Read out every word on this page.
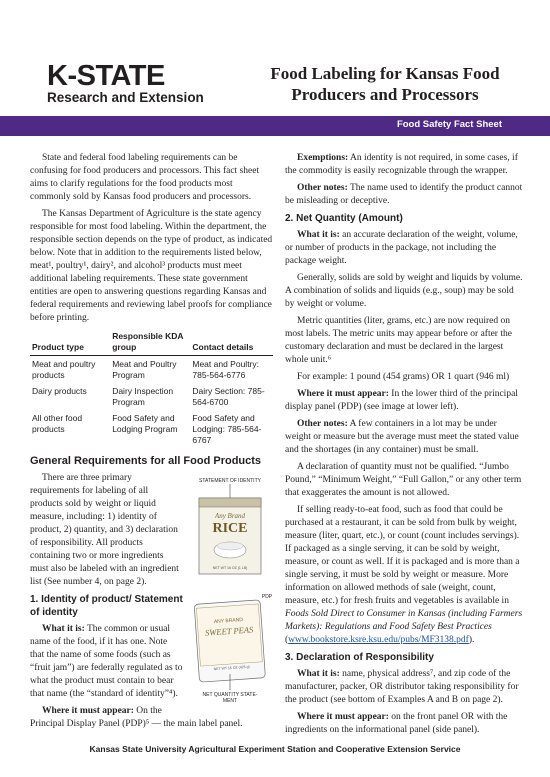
K-STATE
Research and Extension
Food Labeling for Kansas Food Producers and Processors
Food Safety Fact Sheet

State and federal food labeling requirements can be confusing for food producers and processors. This fact sheet aims to clarify regulations for the food products most commonly sold by Kansas food producers and processors.

The Kansas Department of Agriculture is the state agency responsible for most food labeling. Within the department, the responsible section depends on the type of product, as indicated below. Note that in addition to the requirements listed below, meat¹, poultry¹, dairy², and alcohol³ products must meet additional labeling requirements. These state government entities are open to answering questions regarding Kansas and federal requirements and reviewing label proofs for compliance before printing.

Product type	Responsible KDA group	Contact details
Meat and poultry products	Meat and Poultry Program	Meat and Poultry: 785-564-6776
Dairy products	Dairy Inspection Program	Dairy Section: 785-564-6700
All other food products	Food Safety and Lodging Program	Food Safety and Lodging: 785-564-6767
General Requirements for all Food Products
STATEMENT OF IDENTITY
Any Brand
RICE
NET WT 16 OZ (1 LB)
ANY BRAND
SWEET PEAS
NET WT 15 OZ (425 g)
PDP
NET QUANTITY STATE-MENT

There are three primary requirements for labeling of all products sold by weight or liquid measure, including: 1) identity of product, 2) quantity, and 3) declaration of responsibility. All products containing two or more ingredients must also be labeled with an ingredient list (See number 4, on page 2).

1. Identity of product/ Statement of identity

What it is: The common or usual name of the food, if it has one. Note that the name of some foods (such as “fruit jam”) are federally regulated as to what the product must contain to bear that name (the “standard of identity”⁴).

Where it must appear: On the Principal Display Panel (PDP)⁵ — the main label panel.

Exemptions: An identity is not required, in some cases, if the commodity is easily recognizable through the wrapper.

Other notes: The name used to identify the product cannot be misleading or deceptive.

2. Net Quantity (Amount)

What it is: an accurate declaration of the weight, volume, or number of products in the package, not including the package weight.

Generally, solids are sold by weight and liquids by volume. A combination of solids and liquids (e.g., soup) may be sold by weight or volume.

Metric quantities (liter, grams, etc.) are now required on most labels. The metric units may appear before or after the customary declaration and must be declared in the largest whole unit.⁶

For example: 1 pound (454 grams) OR 1 quart (946 ml)

Where it must appear: In the lower third of the principal display panel (PDP) (see image at lower left).

Other notes: A few containers in a lot may be under weight or measure but the average must meet the stated value and the shortages (in any container) must be small.

A declaration of quantity must not be qualified. “Jumbo Pound,” “Minimum Weight,” “Full Gallon,” or any other term that exaggerates the amount is not allowed.

If selling ready-to-eat food, such as food that could be purchased at a restaurant, it can be sold from bulk by weight, measure (liter, quart, etc.), or count (count includes servings). If packaged as a single serving, it can be sold by weight, measure, or count as well. If it is packaged and is more than a single serving, it must be sold by weight or measure. More information on allowed methods of sale (weight, count, measure, etc.) for fresh fruits and vegetables is available in Foods Sold Direct to Consumer in Kansas (including Farmers Markets): Regulations and Food Safety Best Practices (www.bookstore.ksre.ksu.edu/pubs/MF3138.pdf).

3. Declaration of Responsibility

What it is: name, physical address⁷, and zip code of the manufacturer, packer, OR distributor taking responsibility for the product (see bottom of Examples A and B on page 2).

Where it must appear: on the front panel OR with the ingredients on the informational panel (side panel).

Kansas State University Agricultural Experiment Station and Cooperative Extension Service
